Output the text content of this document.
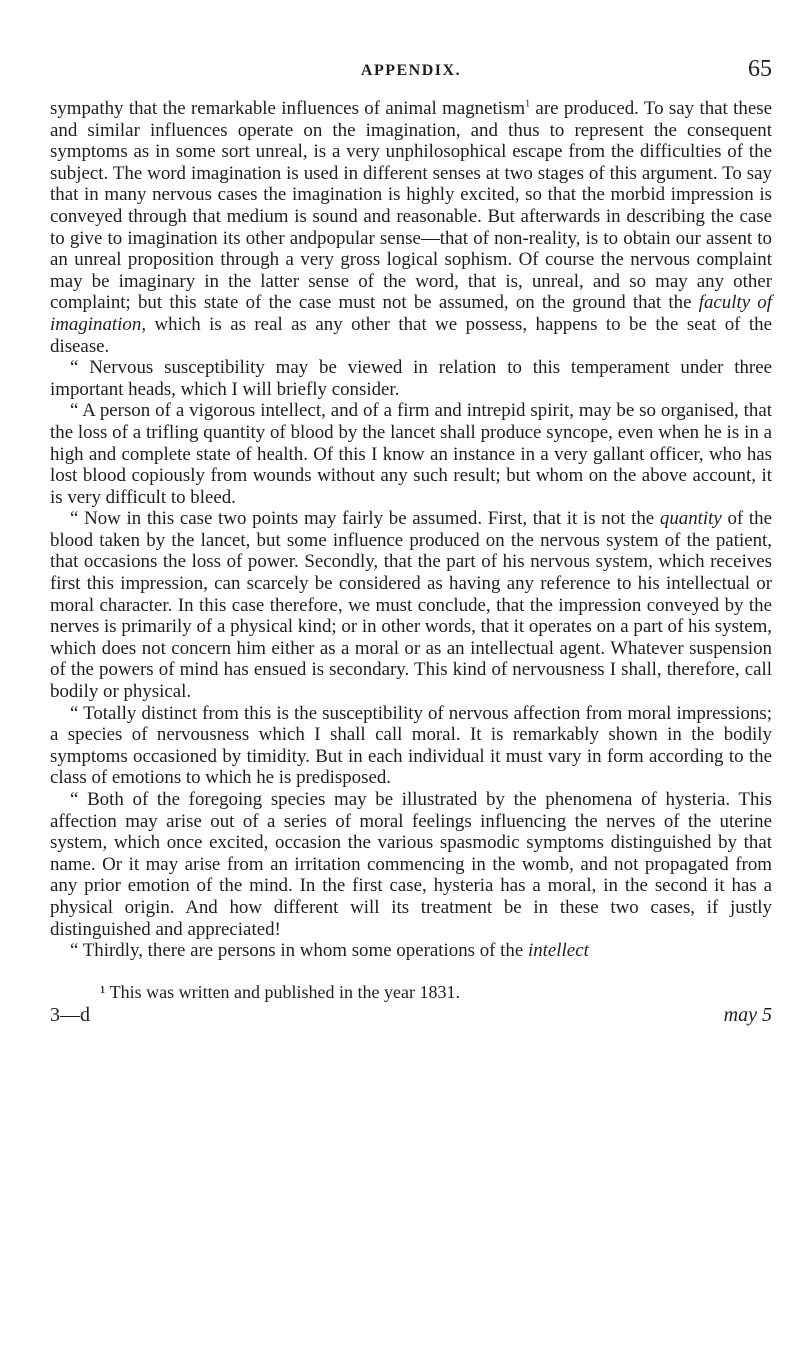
APPENDIX.	65

sympathy that the remarkable influences of animal magnetism$^1$ are produced. To say that these and similar influences operate on the imagination, and thus to represent the consequent symptoms as in some sort unreal, is a very unphilosophical escape from the difficulties of the subject. The word imagination is used in different senses at two stages of this argument. To say that in many nervous cases the imagination is highly excited, so that the morbid impression is conveyed through that medium is sound and reasonable. But afterwards in describing the case to give to imagination its other andpopular sense—that of non-reality, is to obtain our assent to an unreal proposition through a very gross logical sophism. Of course the nervous complaint may be imaginary in the latter sense of the word, that is, unreal, and so may any other complaint; but this state of the case must not be assumed, on the ground that the faculty of imagination, which is as real as any other that we possess, happens to be the seat of the disease.

“ Nervous susceptibility may be viewed in relation to this temperament under three important heads, which I will briefly consider.

“ A person of a vigorous intellect, and of a firm and intrepid spirit, may be so organised, that the loss of a trifling quantity of blood by the lancet shall produce syncope, even when he is in a high and complete state of health. Of this I know an instance in a very gallant officer, who has lost blood copiously from wounds without any such result; but whom on the above account, it is very difficult to bleed.

“ Now in this case two points may fairly be assumed. First, that it is not the quantity of the blood taken by the lancet, but some influence produced on the nervous system of the patient, that occasions the loss of power. Secondly, that the part of his nervous system, which receives first this impression, can scarcely be considered as having any reference to his intellectual or moral character. In this case therefore, we must conclude, that the impression conveyed by the nerves is primarily of a physical kind; or in other words, that it operates on a part of his system, which does not concern him either as a moral or as an intellectual agent. Whatever suspension of the powers of mind has ensued is secondary. This kind of nervousness I shall, therefore, call bodily or physical.

“ Totally distinct from this is the susceptibility of nervous affection from moral impressions; a species of nervousness which I shall call moral. It is remarkably shown in the bodily symptoms occasioned by timidity. But in each individual it must vary in form according to the class of emotions to which he is predisposed.

“ Both of the foregoing species may be illustrated by the phenomena of hysteria. This affection may arise out of a series of moral feelings influencing the nerves of the uterine system, which once excited, occasion the various spasmodic symptoms distinguished by that name. Or it may arise from an irritation commencing in the womb, and not propagated from any prior emotion of the mind. In the first case, hysteria has a moral, in the second it has a physical origin. And how different will its treatment be in these two cases, if justly distinguished and appreciated!

“ Thirdly, there are persons in whom some operations of the intellect

¹ This was written and published in the year 1831.
3—d	may 5
